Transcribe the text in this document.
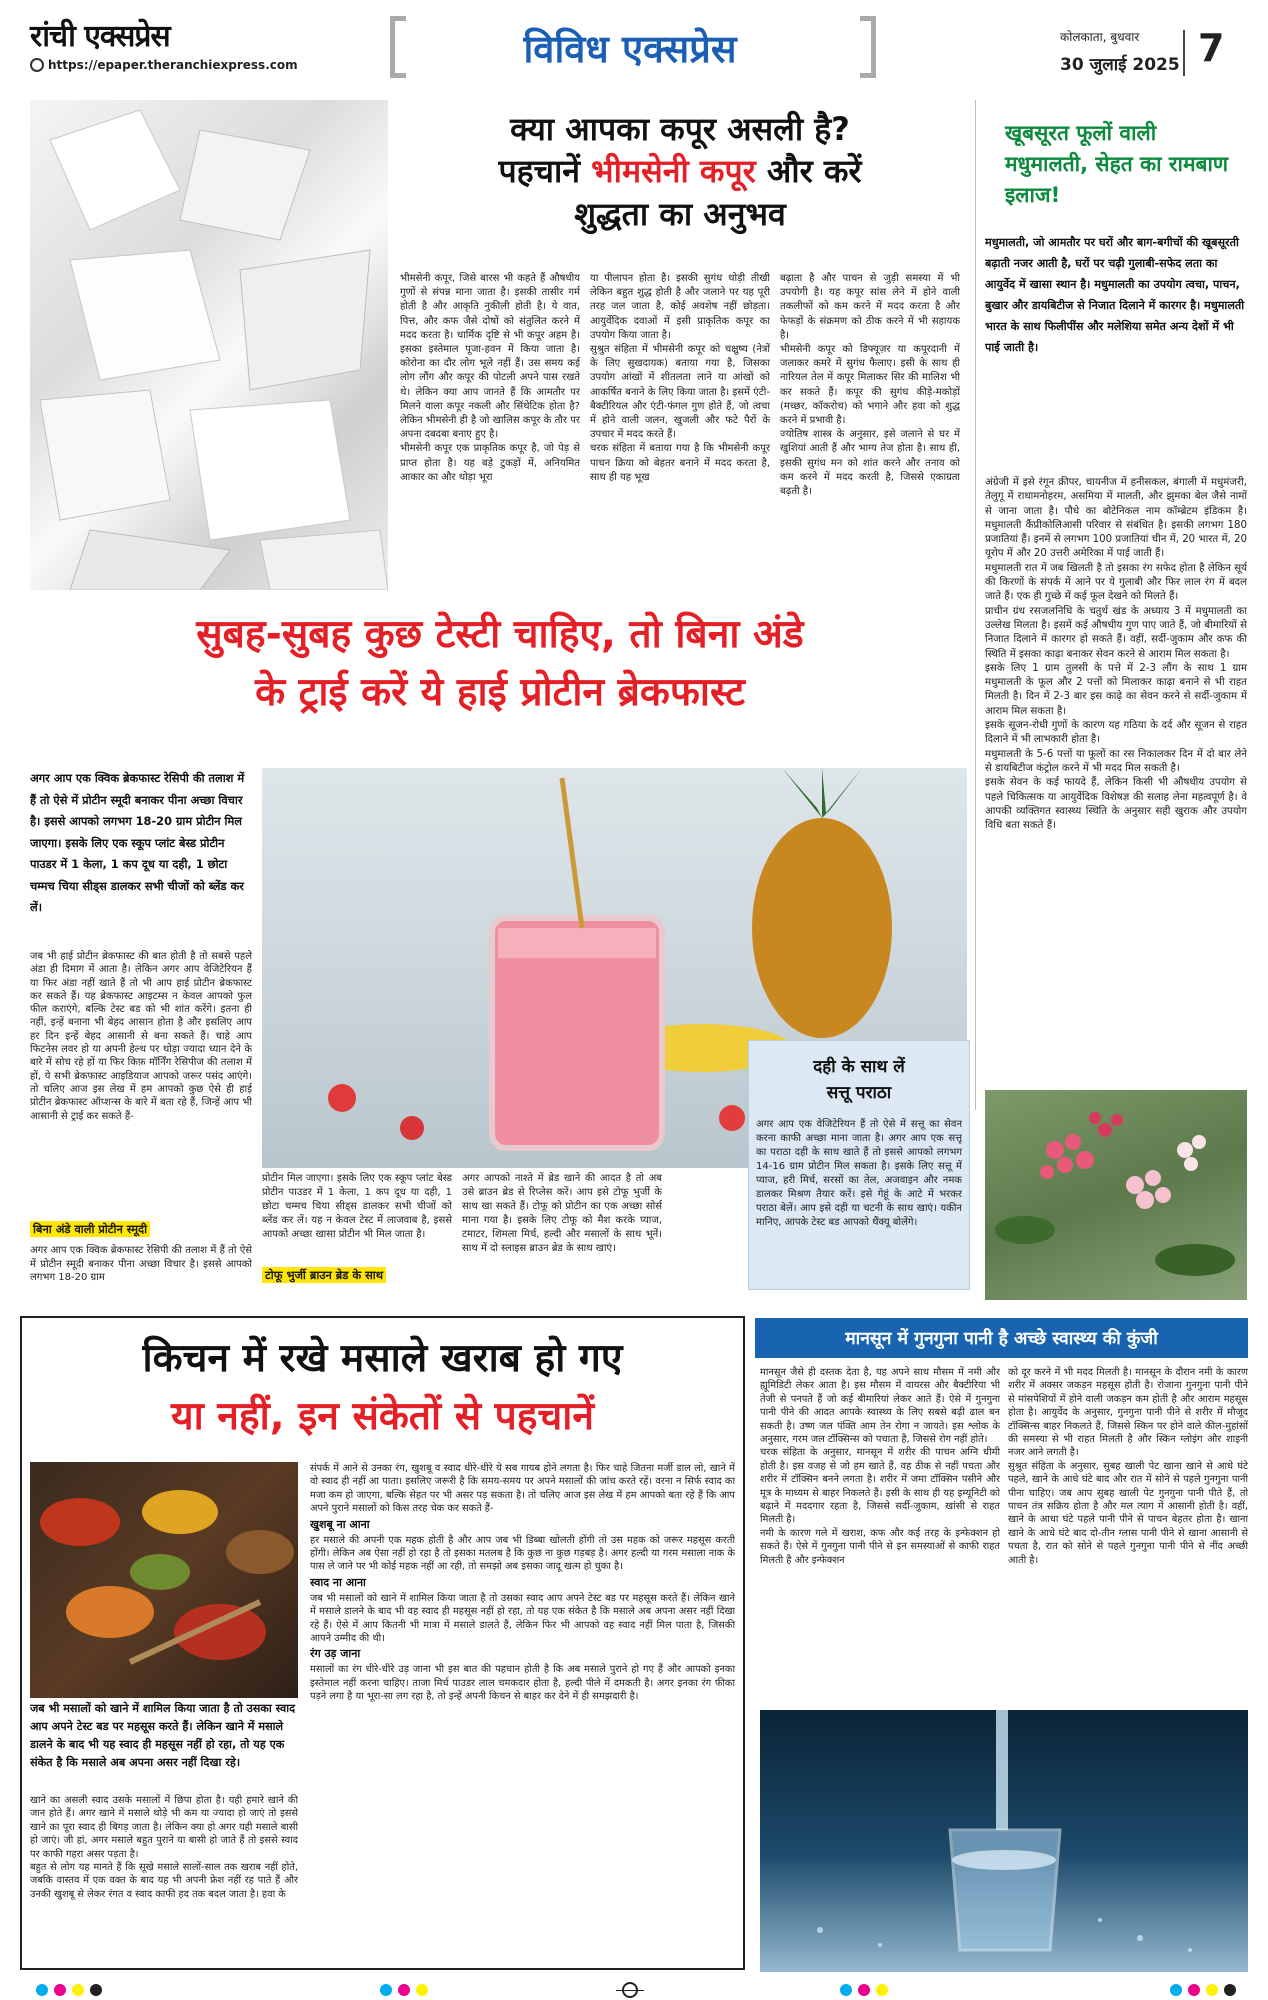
रांची एक्सप्रेस
https://epaper.theranchiexpress.com	विविध एक्सप्रेस	कोलकाता, बुधवार
30 जुलाई 2025 7
क्या आपका कपूर असली है?
पहचानें भीमसेनी कपूर और करें
शुद्धता का अनुभव
भीमसेनी कपूर, जिसे बारस भी कहते हैं औषधीय गुणों से संपन्न माना जाता है। इसकी तासीर गर्म होती है और आकृति नुकीली होती है। ये वात, पित्त, और कफ जैसे दोषों को संतुलित करने में मदद करता है। धार्मिक दृष्टि से भी कपूर अहम है। इसका इस्तेमाल पूजा-हवन में किया जाता है। कोरोना का दौर लोग भूले नहीं हैं। उस समय कई लोग लौंग और कपूर की पोटली अपने पास रखते थे। लेकिन क्या आप जानते हैं कि आमतौर पर मिलने वाला कपूर नकली और सिंथेटिक होता है? लेकिन भीमसेनी ही है जो खालिस कपूर के तौर पर अपना दबदबा बनाए हुए है।
भीमसेनी कपूर एक प्राकृतिक कपूर है, जो पेड़ से प्राप्त होता है। यह बड़े टुकड़ों में, अनियमित आकार का और थोड़ा भूरा
या पीलापन होता है। इसकी सुगंध थोड़ी तीखी लेकिन बहुत शुद्ध होती है और जलाने पर यह पूरी तरह जल जाता है, कोई अवशेष नहीं छोड़ता। आयुर्वेदिक दवाओं में इसी प्राकृतिक कपूर का उपयोग किया जाता है।
सुश्रुत संहिता में भीमसेनी कपूर को चक्षुष्य (नेत्रों के लिए सुखदायक) बताया गया है, जिसका उपयोग आंखों में शीतलता लाने या आंखों को आकर्षित बनाने के लिए किया जाता है। इसमें एंटी-बैक्टीरियल और एंटी-फंगल गुण होते हैं, जो त्वचा में होने वाली जलन, खुजली और फटे पैरों के उपचार में मदद करते हैं।
चरक संहिता में बताया गया है कि भीमसेनी कपूर पाचन क्रिया को बेहतर बनाने में मदद करता है, साथ ही यह भूख
बढ़ाता है और पाचन से जुड़ी समस्या में भी उपयोगी है। यह कपूर सांस लेने में होने वाली तकलीफों को कम करने में मदद करता है और फेफड़ों के संक्रमण को ठीक करने में भी सहायक है।
भीमसेनी कपूर को डिफ्यूज़र या कपूरदानी में जलाकर कमरे में सुगंध फैलाए। इसी के साथ ही नारियल तेल में कपूर मिलाकर सिर की मालिश भी कर सकते हैं। कपूर की सुगंध कीड़े-मकोड़ों (मच्छर, कॉकरोच) को भगाने और हवा को शुद्ध करने में प्रभावी है।
ज्योतिष शास्त्र के अनुसार, इसे जलाने से घर में खुशियां आती हैं और भाग्य तेज होता है। साथ ही, इसकी सुगंध मन को शांत करने और तनाव को कम करने में मदद करती है, जिससे एकाग्रता बढ़ती है।
खूबसूरत फूलों वाली मधुमालती, सेहत का रामबाण इलाज!
मधुमालती, जो आमतौर पर घरों और बाग-बगीचों की खूबसूरती बढ़ाती नजर आती है, घरों पर चढ़ी गुलाबी-सफेद लता का आयुर्वेद में खासा स्थान है। मधुमालती का उपयोग त्वचा, पाचन, बुखार और डायबिटीज से निजात दिलाने में कारगर है। मधुमालती भारत के साथ फिलीपींस और मलेशिया समेत अन्य देशों में भी पाई जाती है।
अंग्रेजी में इसे रंगून क्रीपर, चायनीज में हनीसकल, बंगाली में मधुमंजरी, तेलुगू में राधामनोहरम, असमिया में मालती, और झुमका बेल जैसे नामों से जाना जाता है। पौधे का बोटेनिकल नाम कॉम्ब्रेटम इंडिकम है। मधुमालती कैंप्रीकोलिआसी परिवार से संबंधित है। इसकी लगभग 180 प्रजातियां हैं। इनमें से लगभग 100 प्रजातियां चीन में, 20 भारत में, 20 यूरोप में और 20 उत्तरी अमेरिका में पाई जाती हैं।
मधुमालती रात में जब खिलती है तो इसका रंग सफेद होता है लेकिन सूर्य की किरणों के संपर्क में आने पर ये गुलाबी और फिर लाल रंग में बदल जाते हैं। एक ही गुच्छे में कई फूल देखने को मिलते हैं।
प्राचीन ग्रंथ रसजलनिधि के चतुर्थ खंड के अध्याय 3 में मधुमालती का उल्लेख मिलता है। इसमें कई औषधीय गुण पाए जाते हैं, जो बीमारियों से निजात दिलाने में कारगर हो सकते हैं। वहीं, सर्दी-जुकाम और कफ की स्थिति में इसका काढ़ा बनाकर सेवन करने से आराम मिल सकता है।
इसके लिए 1 ग्राम तुलसी के पत्ते में 2-3 लौंग के साथ 1 ग्राम मधुमालती के फूल और 2 पत्तों को मिलाकर काढ़ा बनाने से भी राहत मिलती है। दिन में 2-3 बार इस काढ़े का सेवन करने से सर्दी-जुकाम में आराम मिल सकता है।
इसके सूजन-रोधी गुणों के कारण यह गठिया के दर्द और सूजन से राहत दिलाने में भी लाभकारी होता है।
मधुमालती के 5-6 पत्तों या फूलों का रस निकालकर दिन में दो बार लेने से डायबिटीज कंट्रोल करने में भी मदद मिल सकती है।
इसके सेवन के कई फायदे हैं, लेकिन किसी भी औषधीय उपयोग से पहले चिकित्सक या आयुर्वेदिक विशेषज्ञ की सलाह लेना महत्वपूर्ण है। वे आपकी व्यक्तिगत स्वास्थ्य स्थिति के अनुसार सही खुराक और उपयोग विधि बता सकते हैं।
सुबह-सुबह कुछ टेस्टी चाहिए, तो बिना अंडे
के ट्राई करें ये हाई प्रोटीन ब्रेकफास्ट
अगर आप एक क्विक ब्रेकफास्ट रेसिपी की तलाश में हैं तो ऐसे में प्रोटीन स्मूदी बनाकर पीना अच्छा विचार है। इससे आपको लगभग 18-20 ग्राम प्रोटीन मिल जाएगा। इसके लिए एक स्कूप प्लांट बेस्ड प्रोटीन पाउडर में 1 केला, 1 कप दूध या दही, 1 छोटा चम्मच चिया सीड्स डालकर सभी चीजों को ब्लेंड कर लें।
जब भी हाई प्रोटीन ब्रेकफास्ट की बात होती है तो सबसे पहले अंडा ही दिमाग में आता है। लेकिन अगर आप वेजिटेरियन हैं या फिर अंडा नहीं खाते हैं तो भी आप हाई प्रोटीन ब्रेकफास्ट कर सकते हैं। यह ब्रेकफास्ट आइटम्स न केवल आपको फुल फील कराएंगे, बल्कि टेस्ट बड को भी शांत करेंगे। इतना ही नहीं, इन्हें बनाना भी बेहद आसान होता है और इसलिए आप हर दिन इन्हें बेहद आसानी से बना सकते हैं। चाहे आप फिटनेस लवर हो या अपनी हेल्थ पर थोड़ा ज्यादा ध्यान देने के बारे में सोच रहे हों या फिर किफ़ मॉर्निंग रेसिपीज की तलाश में हों, ये सभी ब्रेकफास्ट आइडियाज आपको जरूर पसंद आएंगे। तो चलिए आज इस लेख में हम आपको कुछ ऐसे ही हाई प्रोटीन ब्रेकफास्ट ऑप्शन्स के बारे में बता रहे हैं, जिन्हें आप भी आसानी से ट्राई कर सकते हैं-
बिना अंडे वाली प्रोटीन स्मूदी
अगर आप एक क्विक ब्रेकफास्ट रेसिपी की तलाश में हैं तो ऐसे में प्रोटीन स्मूदी बनाकर पीना अच्छा विचार है। इससे आपको लगभग 18-20 ग्राम
प्रोटीन मिल जाएगा। इसके लिए एक स्कूप प्लांट बेस्ड प्रोटीन पाउडर में 1 केला, 1 कप दूध या दही, 1 छोटा चम्मच चिया सीड्स डालकर सभी चीजों को ब्लेंड कर लें। यह न केवल टेस्ट में लाजवाब है, इससे आपको अच्छा खासा प्रोटीन भी मिल जाता है।
टोफू भुर्जी ब्राउन ब्रेड के साथ
अगर आपको नाश्ते में ब्रेड खाने की आदत है तो अब उसे ब्राउन ब्रेड से रिप्लेस करें। आप इसे टोफू भुर्जी के साथ खा सकते हैं। टोफू को प्रोटीन का एक अच्छा सोर्स माना गया है। इसके लिए टोफू को मैश करके प्याज, टमाटर, शिमला मिर्च, हल्दी और मसालों के साथ भूनें। साथ में दो स्लाइस ब्राउन ब्रेड के साथ खाएं।
दही के साथ लें
सत्तू पराठा
अगर आप एक वेजिटेरियन हैं तो ऐसे में सत्तू का सेवन करना काफी अच्छा माना जाता है। अगर आप एक सत्तू का पराठा दही के साथ खाते हैं तो इससे आपको लगभग 14-16 ग्राम प्रोटीन मिल सकता है। इसके लिए सत्तू में प्याज, हरी मिर्च, सरसों का तेल, अजवाइन और नमक डालकर मिश्रण तैयार करें। इसे गेहूं के आटे में भरकर पराठा बेलें। आप इसे दही या चटनी के साथ खाएं। यकीन मानिए, आपके टेस्ट बड आपको थैंक्यू बोलेंगे।
किचन में रखे मसाले खराब हो गए
या नहीं, इन संकेतों से पहचानें
जब भी मसालों को खाने में शामिल किया जाता है तो उसका स्वाद आप अपने टेस्ट बड पर महसूस करते हैं। लेकिन खाने में मसाले डालने के बाद भी यह स्वाद ही महसूस नहीं हो रहा, तो यह एक संकेत है कि मसाले अब अपना असर नहीं दिखा रहे।
खाने का असली स्वाद उसके मसालों में छिपा होता है। यही हमारे खाने की जान होते हैं। अगर खाने में मसाले थोड़े भी कम या ज्यादा हो जाएं तो इससे खाने का पूरा स्वाद ही बिगड़ जाता है। लेकिन क्या हो अगर यही मसाले बासी हो जाएं। जी हां, अगर मसाले बहुत पुराने या बासी हो जाते हैं तो इससे स्वाद पर काफी गहरा असर पड़ता है।
बहुत से लोग यह मानते हैं कि सूखे मसाले सालों-साल तक खराब नहीं होते, जबकि वास्तव में एक वक्त के बाद यह भी अपनी फ्रेश नहीं रह पाते हैं और उनकी खुशबू से लेकर रंगत व स्वाद काफी हद तक बदल जाता है। हवा के
संपर्क में आने से उनका रंग, खुशबू व स्वाद धीरे-धीरे ये सब गायब होने लगता है। फिर चाहे जितना मर्जी डाल लो, खाने में वो स्वाद ही नहीं आ पाता। इसलिए जरूरी है कि समय-समय पर अपने मसालों की जांच करते रहें। वरना न सिर्फ स्वाद का मजा कम हो जाएगा, बल्कि सेहत पर भी असर पड़ सकता है। तो चलिए आज इस लेख में हम आपको बता रहे हैं कि आप अपने पुराने मसालों को किस तरह चेक कर सकते हैं-
खुशबू ना आना
हर मसाले की अपनी एक महक होती है और आप जब भी डिब्बा खोलती होंगी तो उस महक को जरूर महसूस करती होंगी। लेकिन अब ऐसा नहीं हो रहा है तो इसका मतलब है कि कुछ ना कुछ गड़बड़ है। अगर हल्दी या गरम मसाला नाक के पास ले जाने पर भी कोई महक नहीं आ रही, तो समझो अब इसका जादू खत्म हो चुका है।
स्वाद ना आना
जब भी मसालों को खाने में शामिल किया जाता है तो उसका स्वाद आप अपने टेस्ट बड पर महसूस करते हैं। लेकिन खाने में मसाले डालने के बाद भी वह स्वाद ही महसूस नहीं हो रहा, तो यह एक संकेत है कि मसाले अब अपना असर नहीं दिखा रहे हैं। ऐसे में आप कितनी भी मात्रा में मसाले डालते हैं, लेकिन फिर भी आपको वह स्वाद नहीं मिल पाता है, जिसकी आपने उम्मीद की थी।
रंग उड़ जाना
मसालों का रंग धीरे-धीरे उड़ जाना भी इस बात की पहचान होती है कि अब मसाले पुराने हो गए हैं और आपको इनका इस्तेमाल नहीं करना चाहिए। ताजा मिर्च पाउडर लाल चमकदार होता है, हल्दी पीले में दमकती है। अगर इनका रंग फीका पड़ने लगा है या भूरा-सा लग रहा है, तो इन्हें अपनी किचन से बाहर कर देने में ही समझदारी है।
मानसून में गुनगुना पानी है अच्छे स्वास्थ्य की कुंजी
मानसून जैसे ही दस्तक देता है, यह अपने साथ मौसम में नमी और ह्यूमिडिटी लेकर आता है। इस मौसम में वायरस और बैक्टीरिया भी तेजी से पनपते हैं जो कई बीमारियां लेकर आते हैं। ऐसे में गुनगुना पानी पीने की आदत आपके स्वास्थ्य के लिए सबसे बढ़ी ढाल बन सकती है। उष्ण जल पंक्ति आम तेन रोगा न जायते। इस श्लोक के अनुसार, गरम जल टॉक्सिन्स को पचाता है, जिससे रोग नहीं होते।
चरक संहिता के अनुसार, मानसून में शरीर की पाचन अग्नि धीमी होती है। इस वजह से जो हम खाते हैं, वह ठीक से नहीं पचता और शरीर में टॉक्सिन बनने लगता है। शरीर में जमा टॉक्सिन पसीने और मूत्र के माध्यम से बाहर निकलते हैं। इसी के साथ ही यह इम्यूनिटी को बढ़ाने में मददगार रहता है, जिससे सर्दी-जुकाम, खांसी से राहत मिलती है।
नमी के कारण गले में खराश, कफ और कई तरह के इन्फेक्शन हो सकते हैं। ऐसे में गुनगुना पानी पीने से इन समस्याओं से काफी राहत मिलती है और इन्फेक्शन
को दूर करने में भी मदद मिलती है। मानसून के दौरान नमी के कारण शरीर में अक्सर जकड़न महसूस होती है। रोजाना गुनगुना पानी पीने से मांसपेशियों में होने वाली जकड़न कम होती है और आराम महसूस होता है। आयुर्वेद के अनुसार, गुनगुना पानी पीने से शरीर में मौजूद टॉक्सिन्स बाहर निकलते हैं, जिससे स्किन पर होने वाले कील-मुहांसों की समस्या से भी राहत मिलती है और स्किन ग्लोइंग और शाइनी नजर आने लगती है।
सुश्रुत संहिता के अनुसार, सुबह खाली पेट खाना खाने से आधे घंटे पहले, खाने के आधे घंटे बाद और रात में सोने से पहले गुनगुना पानी पीना चाहिए। जब आप सुबह खाली पेट गुनगुना पानी पीते हैं, तो पाचन तंत्र सक्रिय होता है और मल त्याग में आसानी होती है। वहीं, खाने के आधा घंटे पहले पानी पीने से पाचन बेहतर होता है। खाना खाने के आधे घंटे बाद दो-तीन ग्लास पानी पीने से खाना आसानी से पचता है, रात को सोने से पहले गुनगुना पानी पीने से नींद अच्छी आती है।
